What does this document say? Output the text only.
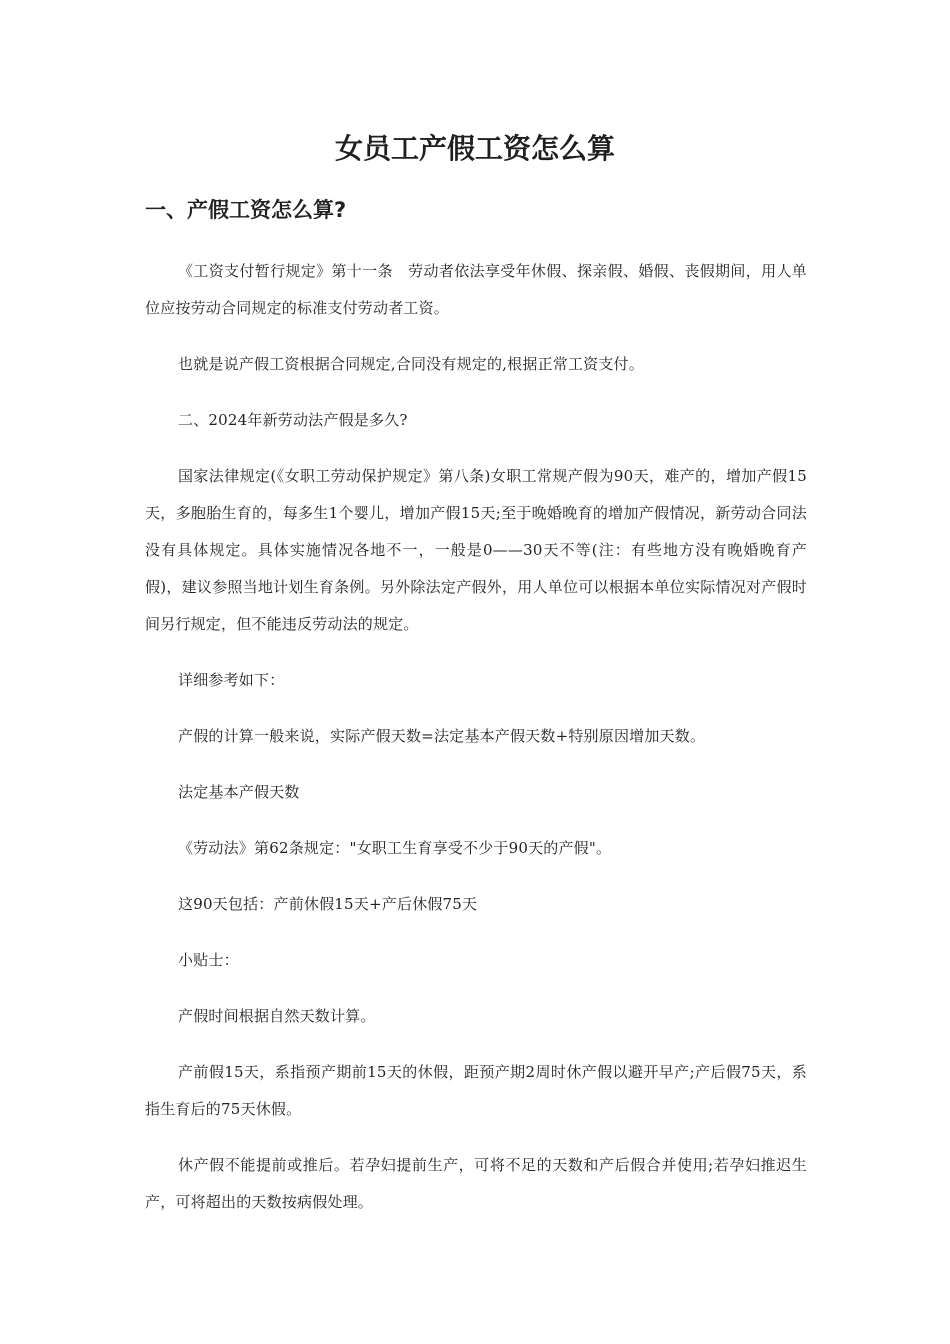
女员工产假工资怎么算
一、产假工资怎么算?

《工资支付暂行规定》第十一条　劳动者依法享受年休假、探亲假、婚假、丧假期间，用人单位应按劳动合同规定的标准支付劳动者工资。

也就是说产假工资根据合同规定,合同没有规定的,根据正常工资支付。

二、2024年新劳动法产假是多久?

国家法律规定(《女职工劳动保护规定》第八条)女职工常规产假为90天，难产的，增加产假15天，多胞胎生育的，每多生1个婴儿，增加产假15天;至于晚婚晚育的增加产假情况，新劳动合同法没有具体规定。具体实施情况各地不一，一般是0——30天不等(注：有些地方没有晚婚晚育产假)，建议参照当地计划生育条例。另外除法定产假外，用人单位可以根据本单位实际情况对产假时间另行规定，但不能违反劳动法的规定。

详细参考如下：

产假的计算一般来说，实际产假天数=法定基本产假天数+特别原因增加天数。

法定基本产假天数

《劳动法》第62条规定："女职工生育享受不少于90天的产假"。

这90天包括：产前休假15天+产后休假75天

小贴士：

产假时间根据自然天数计算。

产前假15天，系指预产期前15天的休假，距预产期2周时休产假以避开早产;产后假75天，系指生育后的75天休假。

休产假不能提前或推后。若孕妇提前生产，可将不足的天数和产后假合并使用;若孕妇推迟生产，可将超出的天数按病假处理。
